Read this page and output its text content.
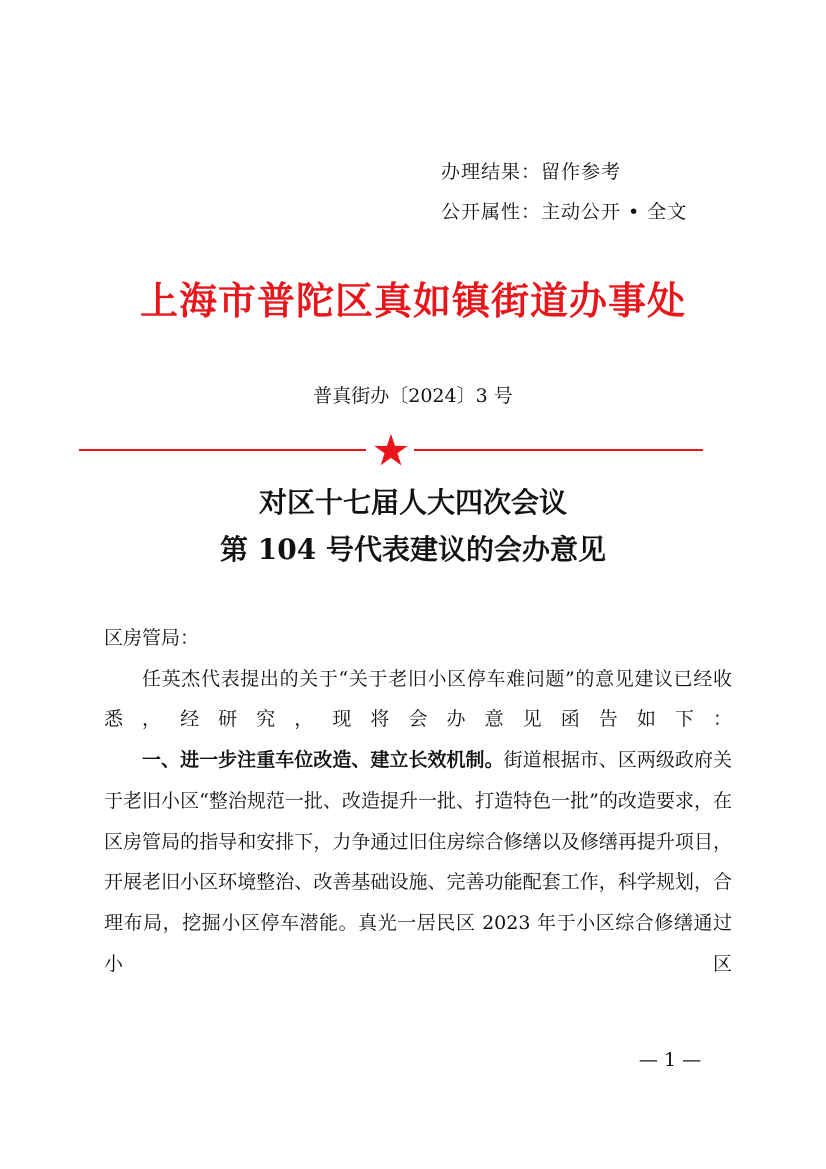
办理结果：留作参考
公开属性：主动公开 • 全文
上海市普陀区真如镇街道办事处
普真街办〔2024〕3 号
对区十七届人大四次会议
第 104 号代表建议的会办意见

区房管局：

任英杰代表提出的关于“关于老旧小区停车难问题”的意见建议已经收悉，经研究，现将会办意见函告如下：

一、进一步注重车位改造、建立长效机制。街道根据市、区两级政府关于老旧小区“整治规范一批、改造提升一批、打造特色一批”的改造要求，在区房管局的指导和安排下，力争通过旧住房综合修缮以及修缮再提升项目，开展老旧小区环境整治、改善基础设施、完善功能配套工作，科学规划，合理布局，挖掘小区停车潜能。真光一居民区 2023 年于小区综合修缮通过小区

— 1 —
